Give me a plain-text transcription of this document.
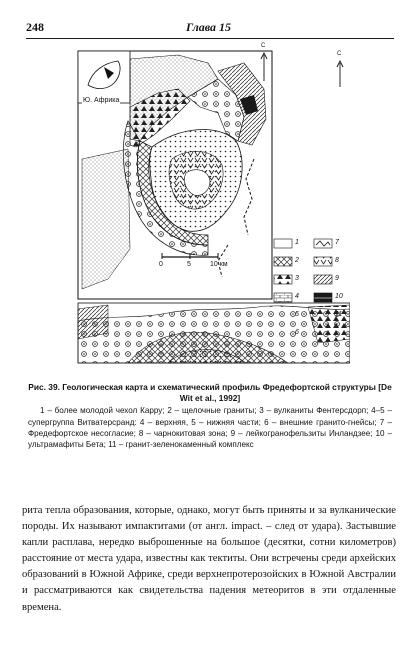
248	Глава 15
Ю. Африка
С
С
0	5	10 км
1
2
3
4
5
6
7
8
9
10
11
Рис. 39. Геологическая карта и схематический профиль Фредефортской структуры [De Wit et al., 1992]
1 – более молодой чехол Карру; 2 – щелочные граниты; 3 – вулканиты Фентерсдорп; 4–5 – супергруппа Витватерсранд: 4 – верхняя, 5 – нижняя части; 6 – внешние гранито-гнейсы; 7 – Фредефортское несогласие; 8 – чарнокитовая зона; 9 – лейкогранофельзиты Инландзее; 10 – ультрамафиты Бета; 11 – гранит-зеленокаменный комплекс

рита тепла образования, которые, однако, могут быть приняты и за вулканические породы. Их называют импактитами (от англ. impact. – след от удара). Застывшие капли расплава, нередко выброшенные на большое (десятки, сотни километров) расстояние от места удара, известны как тектиты. Они встречены среди архейских образований в Южной Африке, среди верхнепротерозойских в Южной Австралии и рассматриваются как свидетельства падения метеоритов в эти отдаленные времена.
